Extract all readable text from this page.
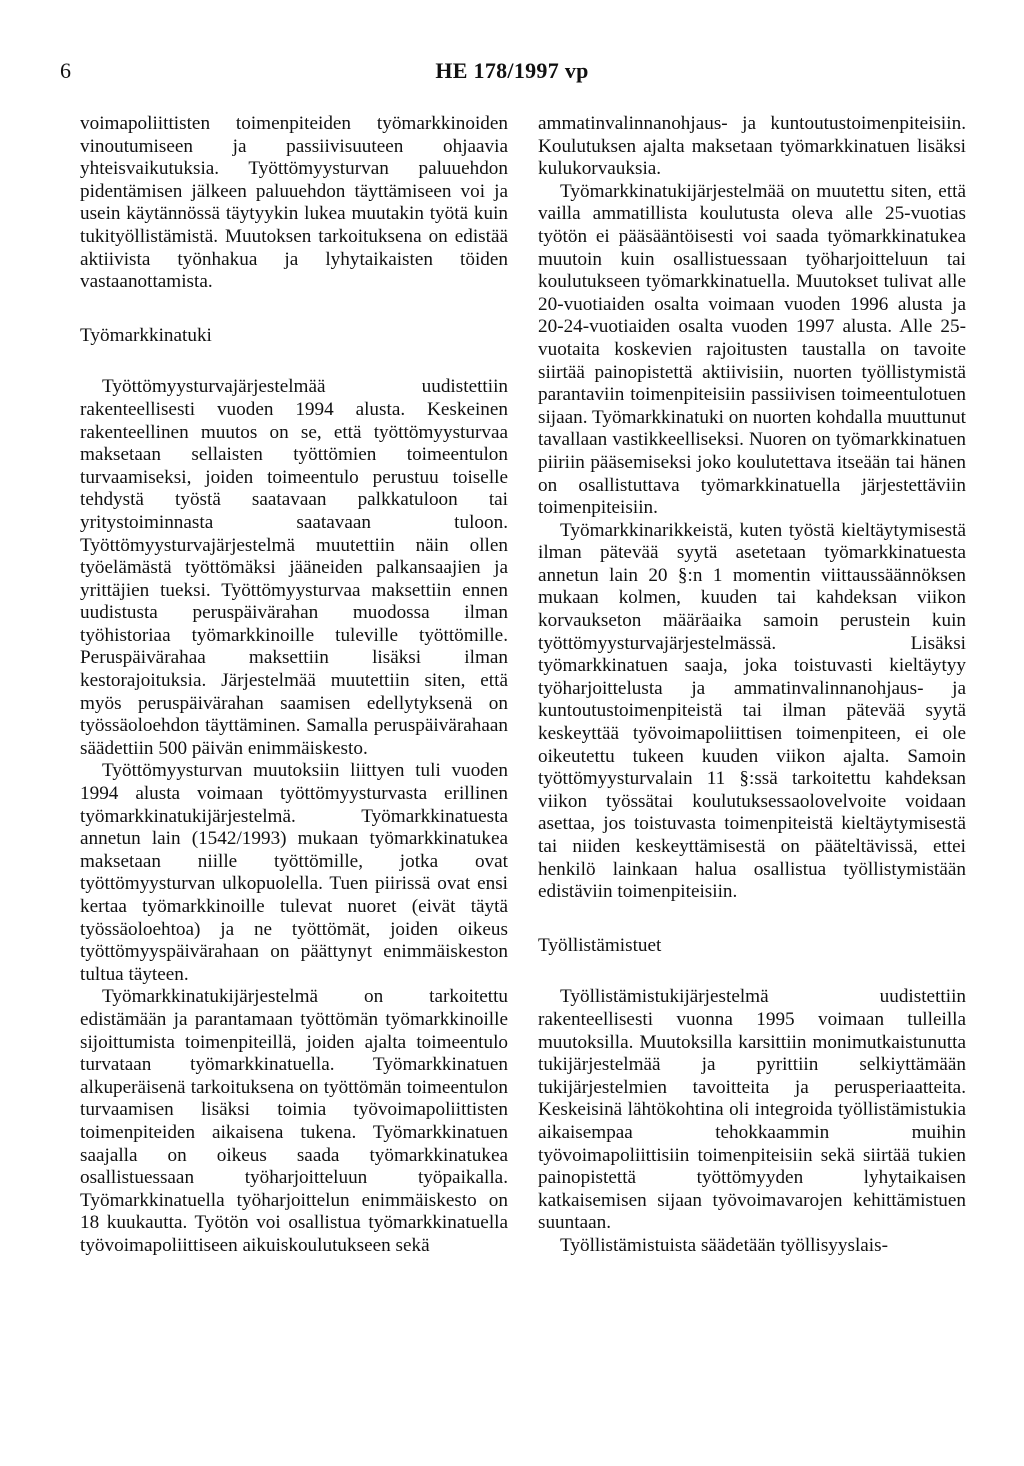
6	HE 178/1997 vp

voimapoliittisten toimenpiteiden työmarkkinoiden vinoutumiseen ja passiivisuuteen ohjaavia yhteisvaikutuksia. Työttömyysturvan paluuehdon pidentämisen jälkeen paluuehdon täyttämiseen voi ja usein käytännössä täytyykin lukea muutakin työtä kuin tukityöllistämistä. Muutoksen tarkoituksena on edistää aktiivista työnhakua ja lyhytaikaisten töiden vastaanottamista.

Työmarkkinatuki

Työttömyysturvajärjestelmää uudistettiin rakenteellisesti vuoden 1994 alusta. Keskeinen rakenteellinen muutos on se, että työttömyysturvaa maksetaan sellaisten työttömien toimeentulon turvaamiseksi, joiden toimeentulo perustuu toiselle tehdystä työstä saatavaan palkkatuloon tai yritystoiminnasta saatavaan tuloon. Työttömyysturvajärjestelmä muutettiin näin ollen työelämästä työttömäksi jääneiden palkansaajien ja yrittäjien tueksi. Työttömyysturvaa maksettiin ennen uudistusta peruspäivärahan muodossa ilman työhistoriaa työmarkkinoille tuleville työttömille. Peruspäivärahaa maksettiin lisäksi ilman kestorajoituksia. Järjestelmää muutettiin siten, että myös peruspäivärahan saamisen edellytyksenä on työssäoloehdon täyttäminen. Samalla peruspäivärahaan säädettiin 500 päivän enimmäiskesto.

Työttömyysturvan muutoksiin liittyen tuli vuoden 1994 alusta voimaan työttömyysturvasta erillinen työmarkkinatukijärjestelmä. Työmarkkinatuesta annetun lain (1542/1993) mukaan työmarkkinatukea maksetaan niille työttömille, jotka ovat työttömyysturvan ulkopuolella. Tuen piirissä ovat ensi kertaa työmarkkinoille tulevat nuoret (eivät täytä työssäoloehtoa) ja ne työttömät, joiden oikeus työttömyyspäivärahaan on päättynyt enimmäiskeston tultua täyteen.

Työmarkkinatukijärjestelmä on tarkoitettu edistämään ja parantamaan työttömän työmarkkinoille sijoittumista toimenpiteillä, joiden ajalta toimeentulo turvataan työmarkkinatuella. Työmarkkinatuen alkuperäisenä tarkoituksena on työttömän toimeentulon turvaamisen lisäksi toimia työvoimapoliittisten toimenpiteiden aikaisena tukena. Työmarkkinatuen saajalla on oikeus saada työmarkkinatukea osallistuessaan työharjoitteluun työpaikalla. Työmarkkinatuella työharjoittelun enimmäiskesto on 18 kuukautta. Työtön voi osallistua työmarkkinatuella työvoimapoliittiseen aikuiskoulutukseen sekä

ammatinvalinnanohjaus- ja kuntoutustoimenpiteisiin. Koulutuksen ajalta maksetaan työmarkkinatuen lisäksi kulukorvauksia.

Työmarkkinatukijärjestelmää on muutettu siten, että vailla ammatillista koulutusta oleva alle 25-vuotias työtön ei pääsääntöisesti voi saada työmarkkinatukea muutoin kuin osallistuessaan työharjoitteluun tai koulutukseen työmarkkinatuella. Muutokset tulivat alle 20-vuotiaiden osalta voimaan vuoden 1996 alusta ja 20-24-vuotiaiden osalta vuoden 1997 alusta. Alle 25-vuotaita koskevien rajoitusten taustalla on tavoite siirtää painopistettä aktiivisiin, nuorten työllistymistä parantaviin toimenpiteisiin passiivisen toimeentulotuen sijaan. Työmarkkinatuki on nuorten kohdalla muuttunut tavallaan vastikkeelliseksi. Nuoren on työmarkkinatuen piiriin pääsemiseksi joko koulutettava itseään tai hänen on osallistuttava työmarkkinatuella järjestettäviin toimenpiteisiin.

Työmarkkinarikkeistä, kuten työstä kieltäytymisestä ilman pätevää syytä asetetaan työmarkkinatuesta annetun lain 20 §:n 1 momentin viittaussäännöksen mukaan kolmen, kuuden tai kahdeksan viikon korvaukseton määräaika samoin perustein kuin työttömyysturvajärjestelmässä. Lisäksi työmarkkinatuen saaja, joka toistuvasti kieltäytyy työharjoittelusta ja ammatinvalinnanohjaus- ja kuntoutustoimenpiteistä tai ilman pätevää syytä keskeyttää työvoimapoliittisen toimenpiteen, ei ole oikeutettu tukeen kuuden viikon ajalta. Samoin työttömyysturvalain 11 §:ssä tarkoitettu kahdeksan viikon työssätai koulutuksessaolovelvoite voidaan asettaa, jos toistuvasta toimenpiteistä kieltäytymisestä tai niiden keskeyttämisestä on pääteltävissä, ettei henkilö lainkaan halua osallistua työllistymistään edistäviin toimenpiteisiin.

Työllistämistuet

Työllistämistukijärjestelmä uudistettiin rakenteellisesti vuonna 1995 voimaan tulleilla muutoksilla. Muutoksilla karsittiin monimutkaistunutta tukijärjestelmää ja pyrittiin selkiyttämään tukijärjestelmien tavoitteita ja perusperiaatteita. Keskeisinä lähtökohtina oli integroida työllistämistukia aikaisempaa tehokkaammin muihin työvoimapoliittisiin toimenpiteisiin sekä siirtää tukien painopistettä työttömyyden lyhytaikaisen katkaisemisen sijaan työvoimavarojen kehittämistuen suuntaan.

Työllistämistuista säädetään työllisyyslais-
